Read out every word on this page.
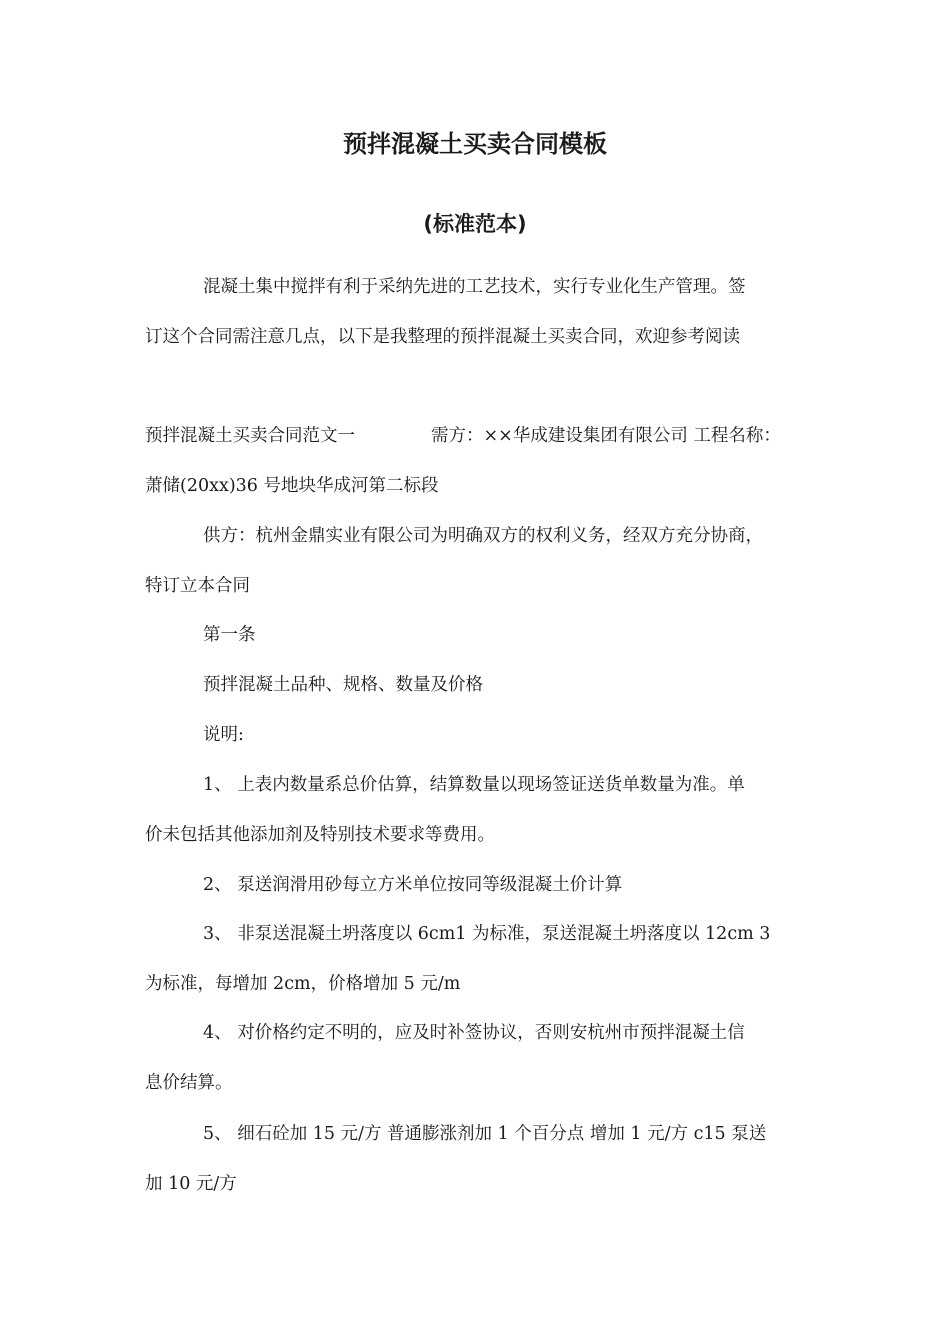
预拌混凝土买卖合同模板
(标准范本)
混凝土集中搅拌有利于采纳先进的工艺技术，实行专业化生产管理。签
订这个合同需注意几点，以下是我整理的预拌混凝土买卖合同，欢迎参考阅读
预拌混凝土买卖合同范文一	需方：××华成建设集团有限公司 工程名称：
萧储(20xx)36 号地块华成河第二标段
供方：杭州金鼎实业有限公司为明确双方的权利义务，经双方充分协商，
特订立本合同
第一条
预拌混凝土品种、规格、数量及价格
说明:
1、 上表内数量系总价估算，结算数量以现场签证送货单数量为准。单
价未包括其他添加剂及特别技术要求等费用。
2、 泵送润滑用砂每立方米单位按同等级混凝土价计算
3、 非泵送混凝土坍落度以 6cm1 为标准，泵送混凝土坍落度以 12cm 3
为标准，每增加 2cm，价格增加 5 元/m
4、 对价格约定不明的，应及时补签协议，否则安杭州市预拌混凝土信
息价结算。
5、 细石砼加 15 元/方 普通膨涨剂加 1 个百分点 增加 1 元/方 c15 泵送
加 10 元/方
